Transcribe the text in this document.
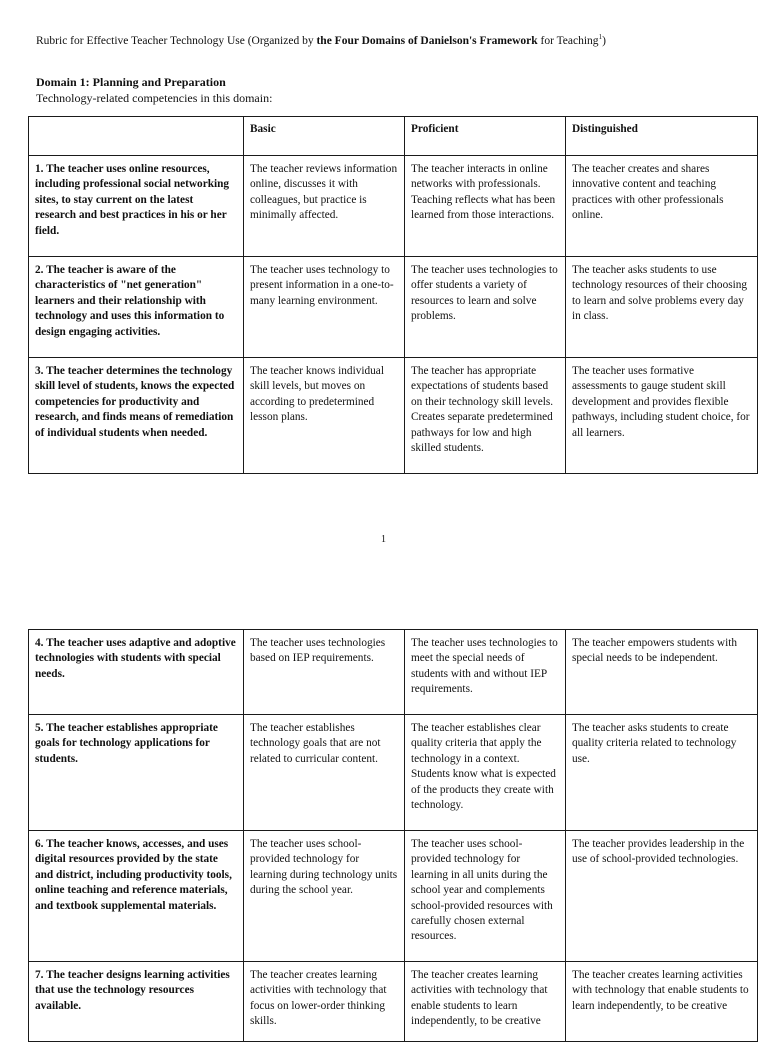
Rubric for Effective Teacher Technology Use (Organized by the Four Domains of Danielson's Framework for Teaching$^1$)
Domain 1: Planning and Preparation
Technology-related competencies in this domain:
	Basic	Proficient	Distinguished
1. The teacher uses online resources, including professional social networking sites, to stay current on the latest research and best practices in his or her field.	The teacher reviews information online, discusses it with colleagues, but practice is minimally affected.	The teacher interacts in online networks with professionals. Teaching reflects what has been learned from those interactions.	The teacher creates and shares innovative content and teaching practices with other professionals online.
2. The teacher is aware of the characteristics of "net generation" learners and their relationship with technology and uses this information to design engaging activities.	The teacher uses technology to present information in a one-to-many learning environment.	The teacher uses technologies to offer students a variety of resources to learn and solve problems.	The teacher asks students to use technology resources of their choosing to learn and solve problems every day in class.
3. The teacher determines the technology skill level of students, knows the expected competencies for productivity and research, and finds means of remediation of individual students when needed.	The teacher knows individual skill levels, but moves on according to predetermined lesson plans.	The teacher has appropriate expectations of students based on their technology skill levels. Creates separate predetermined pathways for low and high skilled students.	The teacher uses formative assessments to gauge student skill development and provides flexible pathways, including student choice, for all learners.
1
4. The teacher uses adaptive and adoptive technologies with students with special needs.	The teacher uses technologies based on IEP requirements.	The teacher uses technologies to meet the special needs of students with and without IEP requirements.	The teacher empowers students with special needs to be independent.
5. The teacher establishes appropriate goals for technology applications for students.	The teacher establishes technology goals that are not related to curricular content.	The teacher establishes clear quality criteria that apply the technology in a context. Students know what is expected of the products they create with technology.	The teacher asks students to create quality criteria related to technology use.
6. The teacher knows, accesses, and uses digital resources provided by the state and district, including productivity tools, online teaching and reference materials, and textbook supplemental materials.	The teacher uses school-provided technology for learning during technology units during the school year.	The teacher uses school-provided technology for learning in all units during the school year and complements school-provided resources with carefully chosen external resources.	The teacher provides leadership in the use of school-provided technologies.
7. The teacher designs learning activities that use the technology resources available.	The teacher creates learning activities with technology that focus on lower-order thinking skills.	The teacher creates learning activities with technology that enable students to learn independently, to be creative	The teacher creates learning activities with technology that enable students to learn independently, to be creative
